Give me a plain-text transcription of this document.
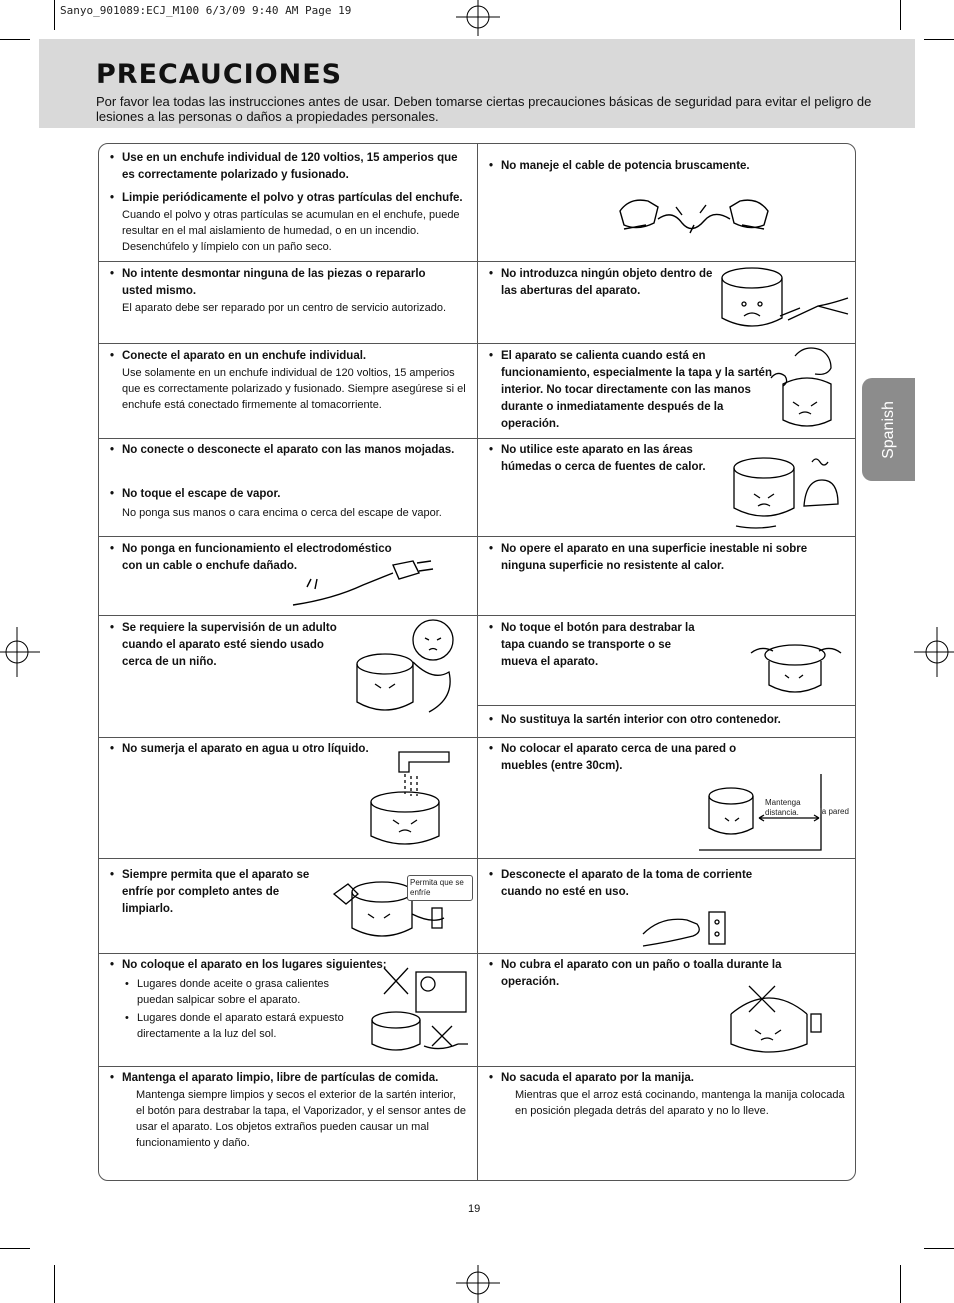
Sanyo_901089:ECJ_M100 6/3/09 9:40 AM Page 19
PRECAUCIONES

Por favor lea todas las instrucciones antes de usar. Deben tomarse ciertas precauciones básicas de seguridad para evitar el peligro de lesiones a las personas o daños a propiedades personales.

Spanish
• Use en un enchufe individual de 120 voltios, 15 amperios que es correctamente polarizado y fusionado.
• Limpie periódicamente el polvo y otras partículas del enchufe.
Cuando el polvo y otras partículas se acumulan en el enchufe, puede resultar en el mal aislamiento de humedad, o en un incendio. Desenchúfelo y límpielo con un paño seco.
• No intente desmontar ninguna de las piezas o repararlo usted mismo.
El aparato debe ser reparado por un centro de servicio autorizado.
• Conecte el aparato en un enchufe individual.
Use solamente en un enchufe individual de 120 voltios, 15 amperios que es correctamente polarizado y fusionado. Siempre asegúrese si el enchufe está conectado firmemente al tomacorriente.
• No conecte o desconecte el aparato con las manos mojadas.
• No toque el escape de vapor.
No ponga sus manos o cara encima o cerca del escape de vapor.
• No ponga en funcionamiento el electrodoméstico con un cable o enchufe dañado.
• Se requiere la supervisión de un adulto cuando el aparato esté siendo usado cerca de un niño.
• No sumerja el aparato en agua u otro líquido.
• Siempre permita que el aparato se enfríe por completo antes de limpiarlo.
• No coloque el aparato en los lugares siguientes:
• Lugares donde aceite o grasa calientes puedan salpicar sobre el aparato.
• Lugares donde el aparato estará expuesto directamente a la luz del sol.
• Mantenga el aparato limpio, libre de partículas de comida.
Mantenga siempre limpios y secos el exterior de la sartén interior, el botón para destrabar la tapa, el Vaporizador, y el sensor antes de usar el aparato. Los objetos extraños pueden causar un mal funcionamiento y daño.
• No maneje el cable de potencia bruscamente.
• No introduzca ningún objeto dentro de las aberturas del aparato.
• El aparato se calienta cuando está en funcionamiento, especialmente la tapa y la sartén interior. No tocar directamente con las manos durante o inmediatamente después de la operación.
• No utilice este aparato en las áreas húmedas o cerca de fuentes de calor.
• No opere el aparato en una superficie inestable ni sobre ninguna superficie no resistente al calor.
• No toque el botón para destrabar la tapa cuando se transporte o se mueva el aparato.
• No sustituya la sartén interior con otro contenedor.
• No colocar el aparato cerca de una pared o muebles (entre 30cm).
• Desconecte el aparato de la toma de corriente cuando no esté en uso.
• No cubra el aparato con un paño o toalla durante la operación.
• No sacuda el aparato por la manija.
Mientras que el arroz está cocinando, mantenga la manija colocada en posición plegada detrás del aparato y no lo lleve.
Mantenga distancia.	la pared
Permita que se enfríe
19
